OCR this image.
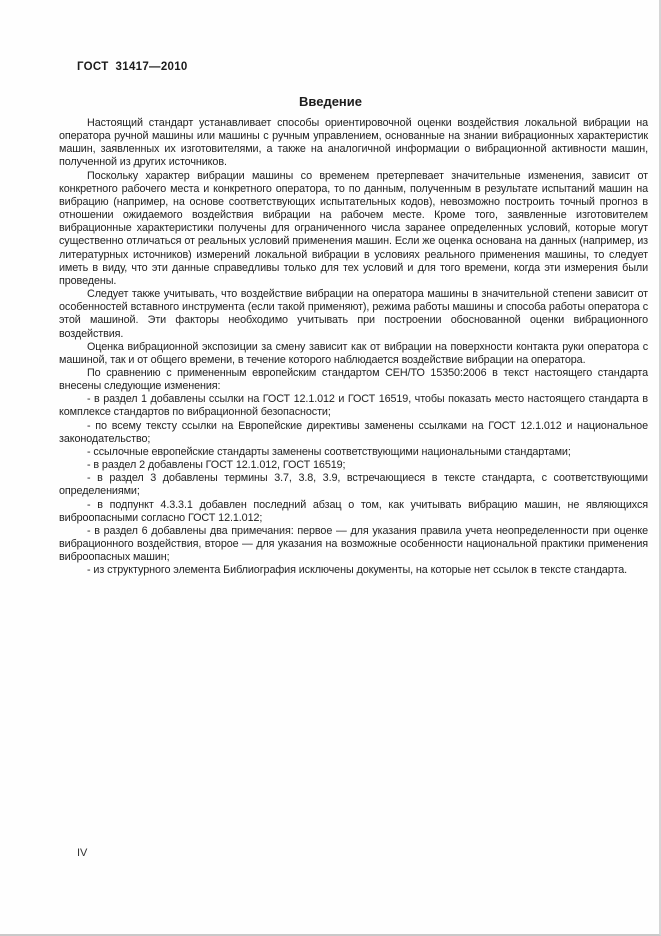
ГОСТ  31417—2010
Введение

Настоящий стандарт устанавливает способы ориентировочной оценки воздействия локальной вибрации на оператора ручной машины или машины с ручным управлением, основанные на знании вибрационных характеристик машин, заявленных их изготовителями, а также на аналогичной информации о вибрационной активности машин, полученной из других источников.

Поскольку характер вибрации машины со временем претерпевает значительные изменения, зависит от конкретного рабочего места и конкретного оператора, то по данным, полученным в результате испытаний машин на вибрацию (например, на основе соответствующих испытательных кодов), невозможно построить точный прогноз в отношении ожидаемого воздействия вибрации на рабочем месте. Кроме того, заявленные изготовителем вибрационные характеристики получены для ограниченного числа заранее определенных условий, которые могут существенно отличаться от реальных условий применения машин. Если же оценка основана на данных (например, из литературных источников) измерений локальной вибрации в условиях реального применения машины, то следует иметь в виду, что эти данные справедливы только для тех условий и для того времени, когда эти измерения были проведены.

Следует также учитывать, что воздействие вибрации на оператора машины в значительной степени зависит от особенностей вставного инструмента (если такой применяют), режима работы машины и способа работы оператора с этой машиной. Эти факторы необходимо учитывать при построении обоснованной оценки вибрационного воздействия.

Оценка вибрационной экспозиции за смену зависит как от вибрации на поверхности контакта руки оператора с машиной, так и от общего времени, в течение которого наблюдается воздействие вибрации на оператора.

По сравнению с примененным европейским стандартом СЕН/ТО 15350:2006 в текст настоящего стандарта внесены следующие изменения:

- в раздел 1 добавлены ссылки на ГОСТ 12.1.012 и ГОСТ 16519, чтобы показать место настоящего стандарта в комплексе стандартов по вибрационной безопасности;

- по всему тексту ссылки на Европейские директивы заменены ссылками на ГОСТ 12.1.012 и национальное законодательство;

- ссылочные европейские стандарты заменены соответствующими национальными стандартами;

- в раздел 2 добавлены ГОСТ 12.1.012, ГОСТ 16519;

- в раздел 3 добавлены термины 3.7, 3.8, 3.9, встречающиеся в тексте стандарта, с соответствующими определениями;

- в подпункт 4.3.3.1 добавлен последний абзац о том, как учитывать вибрацию машин, не являющихся виброопасными согласно ГОСТ 12.1.012;

- в раздел 6 добавлены два примечания: первое — для указания правила учета неопределенности при оценке вибрационного воздействия, второе — для указания на возможные особенности национальной практики применения виброопасных машин;

- из структурного элемента Библиография исключены документы, на которые нет ссылок в тексте стандарта.

IV
